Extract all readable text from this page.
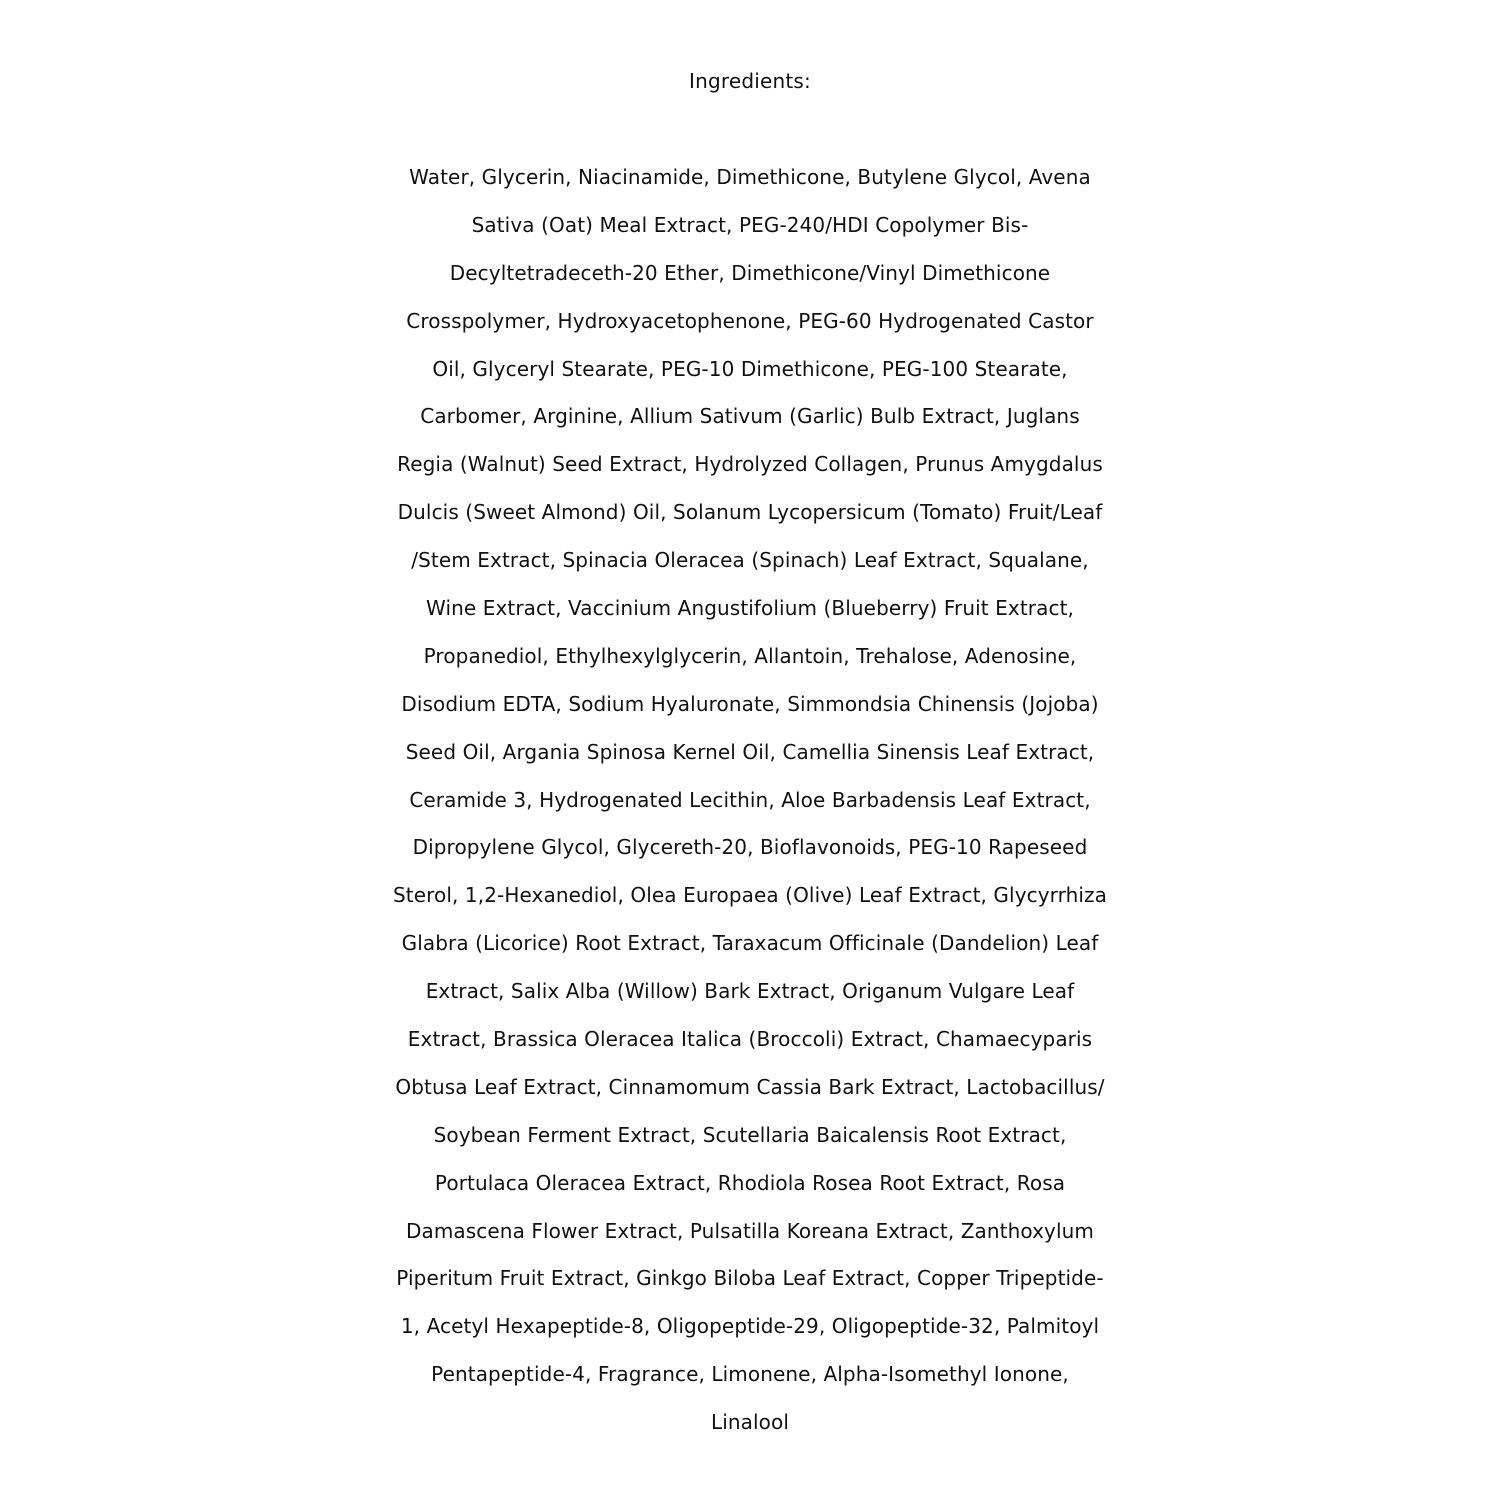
Ingredients:
Water, Glycerin, Niacinamide, Dimethicone, Butylene Glycol, Avena
Sativa (Oat) Meal Extract, PEG-240/HDI Copolymer Bis-
Decyltetradeceth-20 Ether, Dimethicone/Vinyl Dimethicone
Crosspolymer, Hydroxyacetophenone, PEG-60 Hydrogenated Castor
Oil, Glyceryl Stearate, PEG-10 Dimethicone, PEG-100 Stearate,
Carbomer, Arginine, Allium Sativum (Garlic) Bulb Extract, Juglans
Regia (Walnut) Seed Extract, Hydrolyzed Collagen, Prunus Amygdalus
Dulcis (Sweet Almond) Oil, Solanum Lycopersicum (Tomato) Fruit/Leaf
/Stem Extract, Spinacia Oleracea (Spinach) Leaf Extract, Squalane,
Wine Extract, Vaccinium Angustifolium (Blueberry) Fruit Extract,
Propanediol, Ethylhexylglycerin, Allantoin, Trehalose, Adenosine,
Disodium EDTA, Sodium Hyaluronate, Simmondsia Chinensis (Jojoba)
Seed Oil, Argania Spinosa Kernel Oil, Camellia Sinensis Leaf Extract,
Ceramide 3, Hydrogenated Lecithin, Aloe Barbadensis Leaf Extract,
Dipropylene Glycol, Glycereth-20, Bioflavonoids, PEG-10 Rapeseed
Sterol, 1,2-Hexanediol, Olea Europaea (Olive) Leaf Extract, Glycyrrhiza
Glabra (Licorice) Root Extract, Taraxacum Officinale (Dandelion) Leaf
Extract, Salix Alba (Willow) Bark Extract, Origanum Vulgare Leaf
Extract, Brassica Oleracea Italica (Broccoli) Extract, Chamaecyparis
Obtusa Leaf Extract, Cinnamomum Cassia Bark Extract, Lactobacillus/
Soybean Ferment Extract, Scutellaria Baicalensis Root Extract,
Portulaca Oleracea Extract, Rhodiola Rosea Root Extract, Rosa
Damascena Flower Extract, Pulsatilla Koreana Extract, Zanthoxylum
Piperitum Fruit Extract, Ginkgo Biloba Leaf Extract, Copper Tripeptide-
1, Acetyl Hexapeptide-8, Oligopeptide-29, Oligopeptide-32, Palmitoyl
Pentapeptide-4, Fragrance, Limonene, Alpha-Isomethyl Ionone,
Linalool
